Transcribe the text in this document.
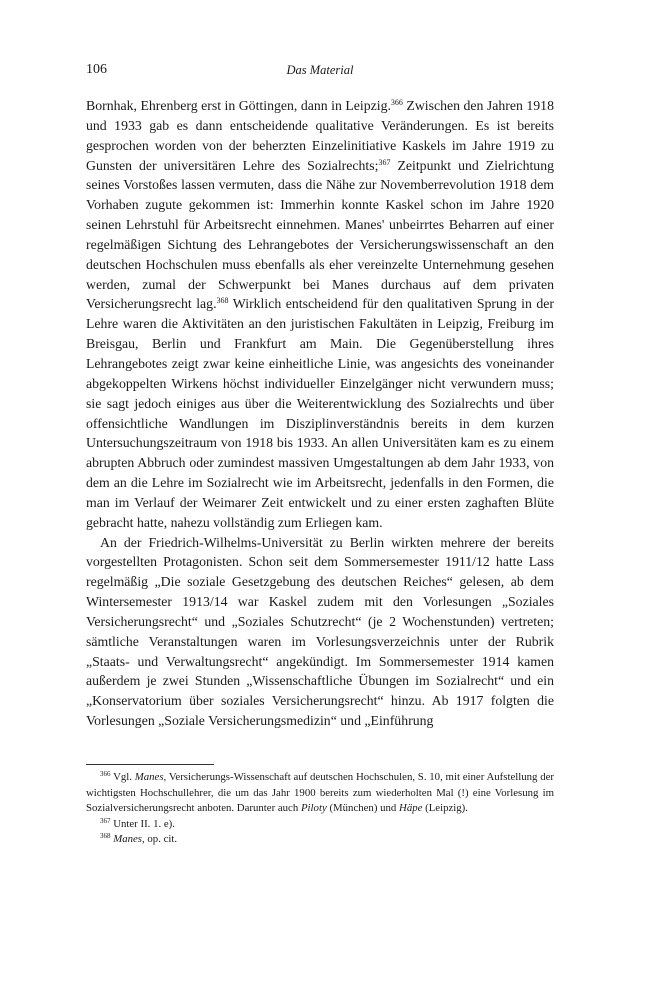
106	Das Material

Bornhak, Ehrenberg erst in Göttingen, dann in Leipzig.$^{366}$ Zwischen den Jahren 1918 und 1933 gab es dann entscheidende qualitative Veränderungen. Es ist bereits gesprochen worden von der beherzten Einzelinitiative Kaskels im Jahre 1919 zu Gunsten der universitären Lehre des Sozialrechts;$^{367}$ Zeitpunkt und Zielrichtung seines Vorstoßes lassen vermuten, dass die Nähe zur Novemberrevolution 1918 dem Vorhaben zugute gekommen ist: Immerhin konnte Kaskel schon im Jahre 1920 seinen Lehrstuhl für Arbeitsrecht einnehmen. Manes' unbeirrtes Beharren auf einer regelmäßigen Sichtung des Lehrangebotes der Versicherungswissenschaft an den deutschen Hochschulen muss ebenfalls als eher vereinzelte Unternehmung gesehen werden, zumal der Schwerpunkt bei Manes durchaus auf dem privaten Versicherungsrecht lag.$^{368}$ Wirklich entscheidend für den qualitativen Sprung in der Lehre waren die Aktivitäten an den juristischen Fakultäten in Leipzig, Freiburg im Breisgau, Berlin und Frankfurt am Main. Die Gegenüberstellung ihres Lehrangebotes zeigt zwar keine einheitliche Linie, was angesichts des voneinander abgekoppelten Wirkens höchst individueller Einzelgänger nicht verwundern muss; sie sagt jedoch einiges aus über die Weiterentwicklung des Sozialrechts und über offensichtliche Wandlungen im Disziplinverständnis bereits in dem kurzen Untersuchungszeitraum von 1918 bis 1933. An allen Universitäten kam es zu einem abrupten Abbruch oder zumindest massiven Umgestaltungen ab dem Jahr 1933, von dem an die Lehre im Sozialrecht wie im Arbeitsrecht, jedenfalls in den Formen, die man im Verlauf der Weimarer Zeit entwickelt und zu einer ersten zaghaften Blüte gebracht hatte, nahezu vollständig zum Erliegen kam.

An der Friedrich-Wilhelms-Universität zu Berlin wirkten mehrere der bereits vorgestellten Protagonisten. Schon seit dem Sommersemester 1911/12 hatte Lass regelmäßig „Die soziale Gesetzgebung des deutschen Reiches“ gelesen, ab dem Wintersemester 1913/14 war Kaskel zudem mit den Vorlesungen „Soziales Versicherungsrecht“ und „Soziales Schutzrecht“ (je 2 Wochenstunden) vertreten; sämtliche Veranstaltungen waren im Vorlesungsverzeichnis unter der Rubrik „Staats- und Verwaltungsrecht“ angekündigt. Im Sommersemester 1914 kamen außerdem je zwei Stunden „Wissenschaftliche Übungen im Sozialrecht“ und ein „Konservatorium über soziales Versicherungsrecht“ hinzu. Ab 1917 folgten die Vorlesungen „Soziale Versicherungsmedizin“ und „Einführung

$^{366}$ Vgl. Manes, Versicherungs-Wissenschaft auf deutschen Hochschulen, S. 10, mit einer Aufstellung der wichtigsten Hochschullehrer, die um das Jahr 1900 bereits zum wiederholten Mal (!) eine Vorlesung im Sozialversicherungsrecht anboten. Darunter auch Piloty (München) und Häpe (Leipzig).

$^{367}$ Unter II. 1. e).

$^{368}$ Manes, op. cit.
